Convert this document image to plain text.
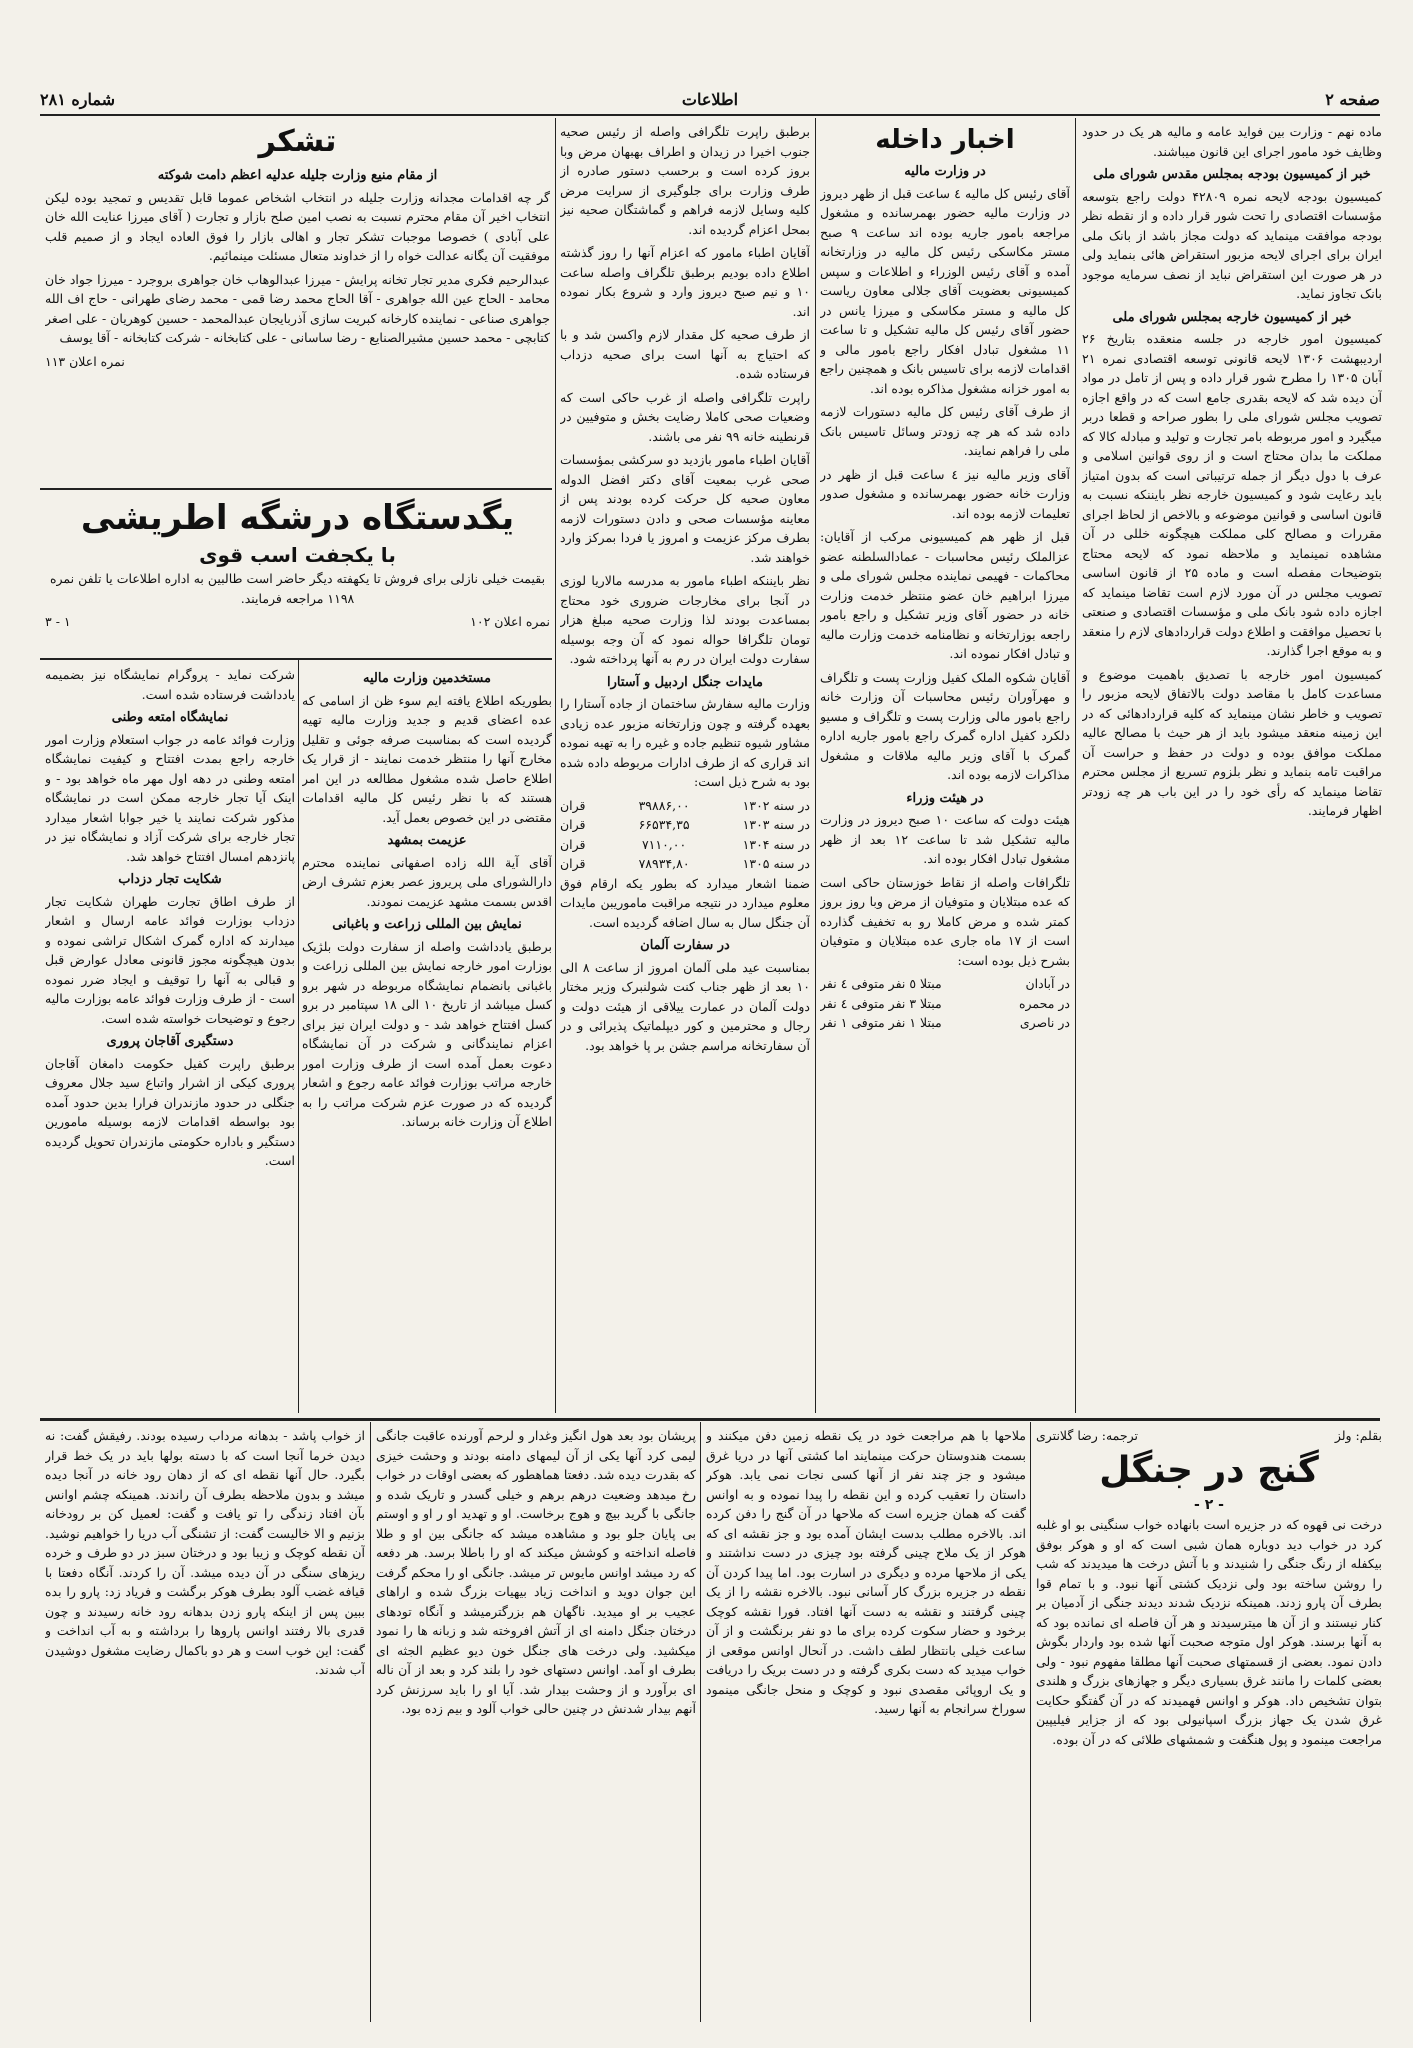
صفحه ۲
اطلاعات
شماره ۲۸۱

ماده نهم - وزارت بین فواید عامه و مالیه هر یک در حدود وظایف خود مامور اجرای این قانون میباشند.

خبر از کمیسیون بودجه بمجلس مقدس شورای ملی

کمیسیون بودجه لایحه نمره ۴۲۸۰۹ دولت راجع بتوسعه مؤسسات اقتصادی را تحت شور قرار داده و از نقطه نظر بودجه موافقت مینماید که دولت مجاز باشد از بانک ملی ایران برای اجرای لایحه مزبور استقراض هائی بنماید ولی در هر صورت این استقراض نباید از نصف سرمایه موجود بانک تجاوز نماید.

خبر از کمیسیون خارجه بمجلس شورای ملی

کمیسیون امور خارجه در جلسه منعقده بتاریخ ۲۶ اردیبهشت ۱۳۰۶ لایحه قانونی توسعه اقتصادی نمره ۲۱ آبان ۱۳۰۵ را مطرح شور قرار داده و پس از تامل در مواد آن دیده شد که لایحه بقدری جامع است که در واقع اجازه تصویب مجلس شورای ملی را بطور صراحه و قطعا دربر میگیرد و امور مربوطه بامر تجارت و تولید و مبادله کالا که مملکت ما بدان محتاج است و از روی قوانین اسلامی و عرف با دول دیگر از جمله ترتیباتی است که بدون امتیاز باید رعایت شود و کمیسیون خارجه نظر بایننکه نسبت به قانون اساسی و قوانین موضوعه و بالاخص از لحاظ اجرای مقررات و مصالح کلی مملکت هیچگونه خللی در آن مشاهده نمینماید و ملاحظه نمود که لایحه محتاج بتوضیحات مفصله است و ماده ۲۵ از قانون اساسی تصویب مجلس در آن مورد لازم است تقاضا مینماید که اجازه داده شود بانک ملی و مؤسسات اقتصادی و صنعتی با تحصیل موافقت و اطلاع دولت قراردادهای لازم را منعقد و به موقع اجرا گذارند.

کمیسیون امور خارجه با تصدیق باهمیت موضوع و مساعدت کامل با مقاصد دولت بالاتفاق لایحه مزبور را تصویب و خاطر نشان مینماید که کلیه قراردادهائی که در این زمینه منعقد میشود باید از هر حیث با مصالح عالیه مملکت موافق بوده و دولت در حفظ و حراست آن مراقبت تامه بنماید و نظر بلزوم تسریع از مجلس محترم تقاضا مینماید که رأی خود را در این باب هر چه زودتر اظهار فرمایند.

اخبار داخله

در وزارت مالیه

آقای رئیس کل مالیه ٤ ساعت قبل از ظهر دیروز در وزارت مالیه حضور بهمرسانده و مشغول مراجعه بامور جاریه بوده اند ساعت ۹ صبح مستر مکاسکی رئیس کل مالیه در وزارتخانه آمده و آقای رئیس الوزراء و اطلاعات و سپس کمیسیونی بعضویت آقای جلالی معاون ریاست کل مالیه و مستر مکاسکی و میرزا یانس در حضور آقای رئیس کل مالیه تشکیل و تا ساعت ۱۱ مشغول تبادل افکار راجع بامور مالی و اقدامات لازمه برای تاسیس بانک و همچنین راجع به امور خزانه مشغول مذاکره بوده اند.

از طرف آقای رئیس کل مالیه دستورات لازمه داده شد که هر چه زودتر وسائل تاسیس بانک ملی را فراهم نمایند.

آقای وزیر مالیه نیز ٤ ساعت قبل از ظهر در وزارت خانه حضور بهمرسانده و مشغول صدور تعلیمات لازمه بوده اند.

قبل از ظهر هم کمیسیونی مرکب از آقایان: عزالملک رئیس محاسبات - عمادالسلطنه عضو محاکمات - فهیمی نماینده مجلس شورای ملی و میرزا ابراهیم خان عضو منتظر خدمت وزارت خانه در حضور آقای وزیر تشکیل و راجع بامور راجعه بوزارتخانه و نظامنامه خدمت وزارت مالیه و تبادل افکار نموده اند.

آقایان شکوه الملک کفیل وزارت پست و تلگراف و مهرآوران رئیس محاسبات آن وزارت خانه راجع بامور مالی وزارت پست و تلگراف و مسیو دلکرد کفیل اداره گمرک راجع بامور جاریه اداره گمرک با آقای وزیر مالیه ملاقات و مشغول مذاکرات لازمه بوده اند.

در هیئت وزراء

هیئت دولت که ساعت ۱۰ صبح دیروز در وزارت مالیه تشکیل شد تا ساعت ۱۲ بعد از ظهر مشغول تبادل افکار بوده اند.

تلگرافات واصله از نقاط خوزستان حاکی است که عده مبتلایان و متوفیان از مرض وبا روز بروز کمتر شده و مرض کاملا رو به تخفیف گذارده است از ۱۷ ماه جاری عده مبتلایان و متوفیان بشرح ذیل بوده است:

در آبادان
مبتلا ٥ نفر متوفی ٤ نفر
در محمره
مبتلا ۳ نفر متوفی ٤ نفر
در ناصری
مبتلا ۱ نفر متوفی ۱ نفر

برطبق راپرت تلگرافی واصله از رئیس صحیه جنوب اخیرا در زیدان و اطراف بهبهان مرض وبا بروز کرده است و برحسب دستور صادره از طرف وزارت برای جلوگیری از سرایت مرض کلیه وسایل لازمه فراهم و گماشتگان صحیه نیز بمحل اعزام گردیده اند.

آقایان اطباء مامور که اعزام آنها را روز گذشته اطلاع داده بودیم برطبق تلگراف واصله ساعت ۱۰ و نیم صبح دیروز وارد و شروع بکار نموده اند.

از طرف صحیه کل مقدار لازم واکسن شد و با که احتیاج به آنها است برای صحیه دزداب فرستاده شده.

راپرت تلگرافی واصله از غرب حاکی است که وضعیات صحی کاملا رضایت بخش و متوفیین در قرنطینه خانه ۹۹ نفر می باشند.

آقایان اطباء مامور بازدید دو سرکشی بمؤسسات صحی غرب بمعیت آقای دکتر افضل الدوله معاون صحیه کل حرکت کرده بودند پس از معاینه مؤسسات صحی و دادن دستورات لازمه بطرف مرکز عزیمت و امروز یا فردا بمرکز وارد خواهند شد.

نظر بایننکه اطباء مامور به مدرسه مالاریا لوزی در آنجا برای مخارجات ضروری خود محتاج بمساعدت بودند لذا وزارت صحیه مبلغ هزار تومان تلگرافا حواله نمود که آن وجه بوسیله سفارت دولت ایران در رم به آنها پرداخته شود.

مایدات جنگل اردبیل و آستارا

وزارت مالیه سفارش ساختمان از جاده آستارا را بعهده گرفته و چون وزارتخانه مزبور عده زیادی مشاور شیوه تنظیم جاده و غیره را به تهیه نموده اند قراری که از طرف ادارات مربوطه داده شده بود به شرح ذیل است:

در سنه ۱۳۰۲
۳۹۸۸۶,۰۰
قران
در سنه ۱۳۰۳
۶۶۵۳۴,۳۵
قران
در سنه ۱۳۰۴
۷۱۱۰,۰۰
قران
در سنه ۱۳۰۵
۷۸۹۳۴,۸۰
قران

ضمنا اشعار میدارد که بطور یکه ارقام فوق معلوم میدارد در نتیجه مراقبت ماموریبن مایدات آن جنگل سال به سال اضافه گردیده است.

در سفارت آلمان

بمناسبت عید ملی آلمان امروز از ساعت ۸ الی ۱۰ بعد از ظهر جناب کنت شولنبرک وزیر مختار دولت آلمان در عمارت ییلاقی از هیئت دولت و رجال و محترمین و کور دیپلماتیک پذیرائی و در آن سفارتخانه مراسم جشن بر پا خواهد بود.

تشکر

از مقام منیع وزارت جلیله عدلیه اعظم دامت شوکته

گر چه اقدامات مجدانه وزارت جلیله در انتخاب اشخاص عموما قابل تقدیس و تمجید بوده لیکن انتخاب اخیر آن مقام محترم نسبت به نصب امین صلح بازار و تجارت ( آقای میرزا عنایت الله خان علی آبادی ) خصوصا موجبات تشکر تجار و اهالی بازار را فوق العاده ایجاد و از صمیم قلب موفقیت آن یگانه عدالت خواه را از خداوند متعال مسئلت مینمائیم.

عبدالرحیم فکری مدیر تجار تخانه پرایش - میرزا عبدالوهاب خان جواهری بروجرد - میرزا جواد خان محامد - الحاج عین الله جواهری - آقا الحاج محمد رضا قمی - محمد رضای طهرانی - حاج اف الله جواهری صناعی - نماینده کارخانه کبریت سازی آذربایجان عبدالمحمد - حسین کوهریان - علی اصغر کتابچی - محمد حسین مشیرالصنایع - رضا ساسانی - علی کتابخانه - شرکت کتابخانه - آقا یوسف

نمره اعلان ۱۱۳

یگدستگاه درشگه اطریشی
با یکجفت اسب قوی

بقیمت خیلی نازلی برای فروش تا یکهفته دیگر حاضر است طالبین به اداره اطلاعات یا تلفن نمره ۱۱۹۸ مراجعه فرمایند.

نمره اعلان ۱۰۲
۱ - ۳

مستخدمین وزارت مالیه

بطوریکه اطلاع یافته ایم سوء ظن از اسامی که عده اعضای قدیم و جدید وزارت مالیه تهیه گردیده است که بمناسبت صرفه جوئی و تقلیل مخارج آنها را منتظر خدمت نمایند - از قرار یک اطلاع حاصل شده مشغول مطالعه در این امر هستند که با نظر رئیس کل مالیه اقدامات مقتضی در این خصوص بعمل آید.

عزیمت بمشهد

آقای آیة الله زاده اصفهانی نماینده محترم دارالشورای ملی پریروز عصر بعزم تشرف ارض اقدس بسمت مشهد عزیمت نمودند.

نمایش بین المللی زراعت و باغبانی

برطبق یادداشت واصله از سفارت دولت بلژیک بوزارت امور خارجه نمایش بین المللی زراعت و باغبانی بانضمام نمایشگاه مربوطه در شهر برو کسل میباشد از تاریخ ۱۰ الی ۱۸ سپتامبر در برو کسل افتتاح خواهد شد - و دولت ایران نیز برای اعزام نمایندگانی و شرکت در آن نمایشگاه دعوت بعمل آمده است از طرف وزارت امور خارجه مراتب بوزارت فوائد عامه رجوع و اشعار گردیده که در صورت عزم شرکت مراتب را به اطلاع آن وزارت خانه برساند.

شرکت نماید - پروگرام نمایشگاه نیز بضمیمه یادداشت فرستاده شده است.

نمایشگاه امتعه وطنی

وزارت فوائد عامه در جواب استعلام وزارت امور خارجه راجع بمدت افتتاح و کیفیت نمایشگاه امتعه وطنی در دهه اول مهر ماه خواهد بود - و اینک آیا تجار خارجه ممکن است در نمایشگاه مذکور شرکت نمایند یا خیر جوابا اشعار میدارد تجار خارجه برای شرکت آزاد و نمایشگاه نیز در پانزدهم امسال افتتاح خواهد شد.

شکایت تجار دزداب

از طرف اطاق تجارت طهران شکایت تجار دزداب بوزارت فوائد عامه ارسال و اشعار میدارند که اداره گمرک اشکال تراشی نموده و بدون هیچگونه مجوز قانونی معادل عوارض قبل و قبالی به آنها را توقیف و ایجاد ضرر نموده است - از طرف وزارت فوائد عامه بوزارت مالیه رجوع و توضیحات خواسته شده است.

دستگیری آقاجان پروری

برطبق راپرت کفیل حکومت دامغان آقاجان پروری کیکی از اشرار واتباع سید جلال معروف جنگلی در حدود مازندران فرارا بدین حدود آمده بود بواسطه اقدامات لازمه بوسیله مامورین دستگیر و باداره حکومتی مازندران تحویل گردیده است.

بقلم: ولز
ترجمه: رضا گلانتری
گنج در جنگل
- ۲ -

درخت نی قهوه که در جزیره است بانهاده خواب سنگینی بو او غلبه کرد در خواب دید دوباره همان شبی است که او و هوکر بوفق بیکفله از رنگ جنگی را شنیدند و با آتش درخت ها میدیدند که شب را روشن ساخته بود ولی نزدیک کشتی آنها نبود. و با تمام قوا بطرف آن پارو زدند. همینکه نزدیک شدند دیدند جنگی از آدمیان بر کنار نیستند و از آن ها میترسیدند و هر آن فاصله ای نمانده بود که به آنها برسند. هوکر اول متوجه صحبت آنها شده بود واردار بگوش دادن نمود. بعضی از قسمتهای صحبت آنها مطلقا مفهوم نبود - ولی بعضی کلمات را مانند غرق بسیاری دیگر و جهازهای بزرگ و هلندی بتوان تشخیص داد. هوکر و اوانس فهمیدند که در آن گفتگو حکایت غرق شدن یک جهاز بزرگ اسپانیولی بود که از جزایر فیلیپین مراجعت مینمود و پول هنگفت و شمشهای طلائی که در آن بوده.

ملاحها با هم مراجعت خود در یک نقطه زمین دفن میکنند و بسمت هندوستان حرکت مینمایند اما کشتی آنها در دریا غرق میشود و جز چند نفر از آنها کسی نجات نمی یابد. هوکر داستان را تعقیب کرده و این نقطه را پیدا نموده و به اوانس گفت که همان جزیره است که ملاحها در آن گنج را دفن کرده اند. بالاخره مطلب بدست ایشان آمده بود و جز نقشه ای که هوکر از یک ملاح چینی گرفته بود چیزی در دست نداشتند و یکی از ملاحها مرده و دیگری در اسارت بود. اما پیدا کردن آن نقطه در جزیره بزرگ کار آسانی نبود. بالاخره نقشه را از یک چینی گرفتند و نقشه به دست آنها افتاد. فورا نقشه کوچک برخود و حضار سکوت کرده برای ما دو نفر برنگشت و از آن ساعت خیلی بانتظار لطف داشت. در آنحال اوانس موقعی از خواب میدید که دست بکری گرفته و در دست بریک را دریافت و یک اروپائی مقصدی نبود و کوچک و منحل جانگی مینمود سوراخ سرانجام به آنها رسید.

پریشان بود بعد هول انگیز وغدار و لرحم آورنده عاقبت جانگی لیمی کرد آنها یکی از آن لیمهای دامنه بودند و وحشت خیزی که بقدرت دیده شد. دفعتا هماهطور که بعضی اوقات در خواب رخ میدهد وضعیت درهم برهم و خیلی گسدر و تاریک شده و جانگی با گرید بیچ و هوج برخاست. او و تهدید او ر او و اوستم بی پایان جلو بود و مشاهده میشد که جانگی بین او و طلا فاصله انداخته و کوشش میکند که او را باطلا برسد. هر دفعه که رد میشد اوانس مایوس تر میشد. جانگی او را محکم گرفت این جوان دوید و انداخت زیاد بیهیات بزرگ شده و اراهای عجیب بر او میدید. ناگهان هم بزرگترمیشد و آنگاه تودهای درختان جنگل دامنه ای از آتش افروخته شد و زبانه ها را نمود میکشید. ولی درخت های جنگل خون دیو عظیم الجثه ای بطرف او آمد. اوانس دستهای خود را بلند کرد و بعد از آن ناله ای برآورد و از وحشت بیدار شد. آیا او را باید سرزنش کرد آنهم بیدار شدنش در چنین حالی خواب آلود و بیم زده بود.

از خواب پاشد - بدهانه مرداب رسیده بودند. رفیقش گفت: نه دیدن خرما آنجا است که با دسته بولها باید در یک خط قرار بگیرد. حال آنها نقطه ای که از دهان رود خانه در آنجا دیده میشد و بدون ملاحظه بطرف آن راندند. همینکه چشم اوانس بآن افتاد زندگی را تو یافت و گفت: لعمیل کن بر رودخانه بزنیم و الا خالیست گفت: از تشنگی آب دریا را خواهیم نوشید. آن نقطه کوچک و زیبا بود و درختان سبز در دو طرف و خرده ریزهای سنگی در آن دیده میشد. آن را کردند. آنگاه دفعتا با قیافه غضب آلود بطرف هوکر برگشت و فریاد زد: پارو را بده ببین پس از اینکه پارو زدن بدهانه رود خانه رسیدند و چون قدری بالا رفتند اوانس پاروها را برداشته و به آب انداخت و گفت: این خوب است و هر دو باکمال رضایت مشغول دوشیدن آب شدند.
